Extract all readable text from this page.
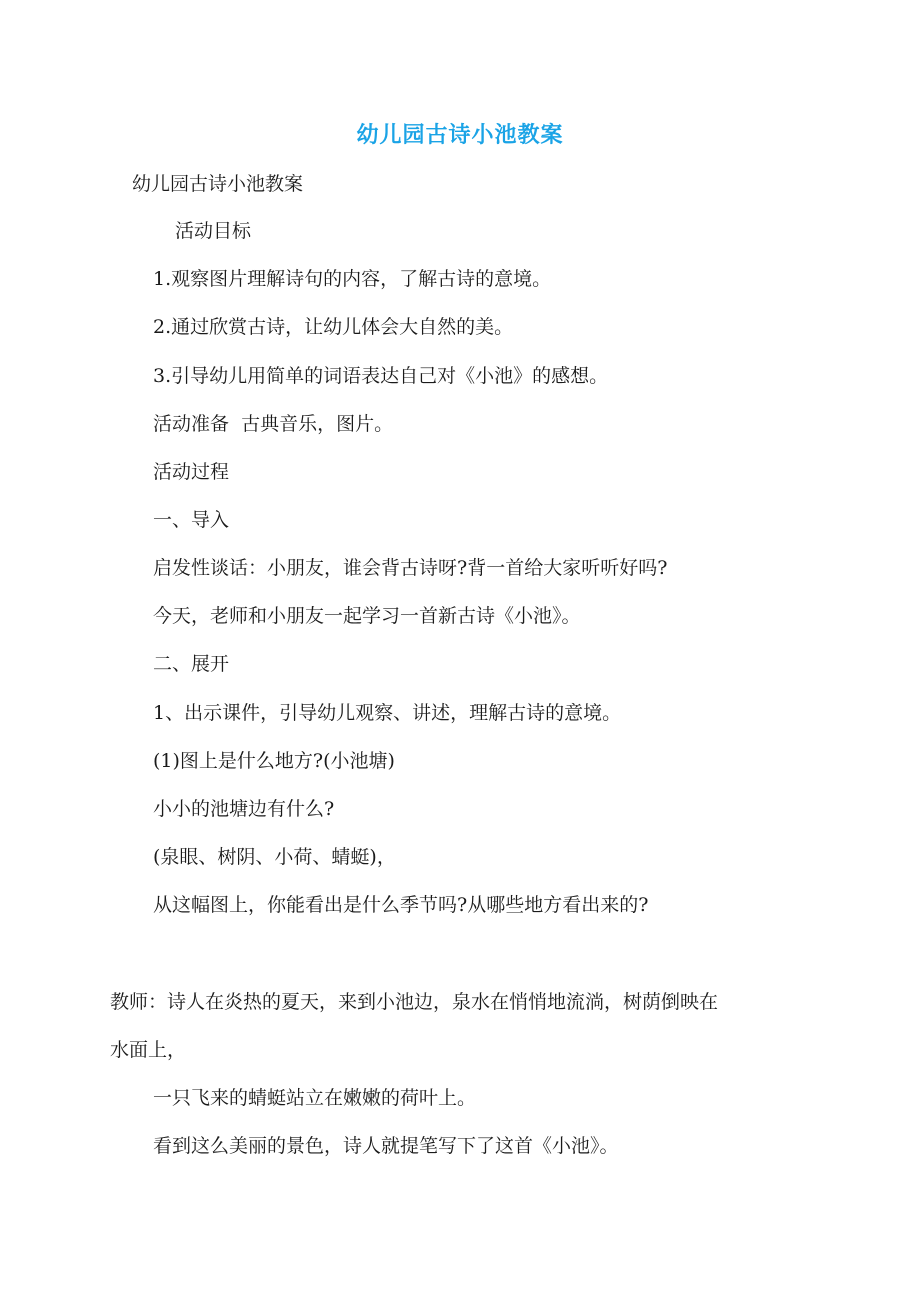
幼儿园古诗小池教案
幼儿园古诗小池教案
活动目标
1.观察图片理解诗句的内容，了解古诗的意境。
2.通过欣赏古诗，让幼儿体会大自然的美。
3.引导幼儿用简单的词语表达自己对《小池》的感想。
活动准备  古典音乐，图片。
活动过程
一、导入
启发性谈话：小朋友，谁会背古诗呀?背一首给大家听听好吗?
今天，老师和小朋友一起学习一首新古诗《小池》。
二、展开
1、出示课件，引导幼儿观察、讲述，理解古诗的意境。
(1)图上是什么地方?(小池塘)
小小的池塘边有什么?
(泉眼、树阴、小荷、蜻蜓)，
从这幅图上，你能看出是什么季节吗?从哪些地方看出来的?
教师：诗人在炎热的夏天，来到小池边，泉水在悄悄地流淌，树荫倒映在
水面上，
一只飞来的蜻蜓站立在嫩嫩的荷叶上。
看到这么美丽的景色，诗人就提笔写下了这首《小池》。
